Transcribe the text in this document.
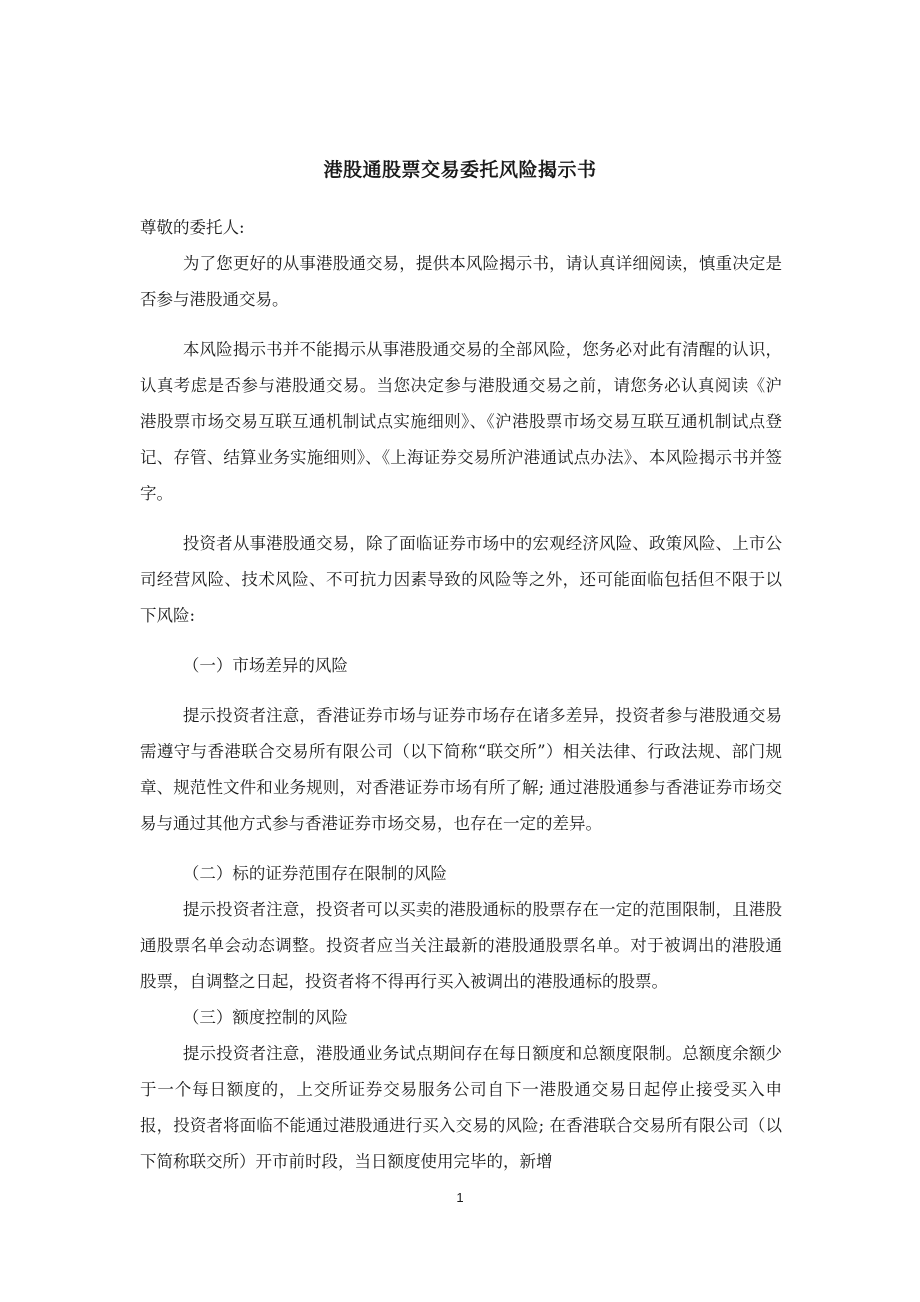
港股通股票交易委托风险揭示书

尊敬的委托人:

为了您更好的从事港股通交易，提供本风险揭示书，请认真详细阅读，慎重决定是否参与港股通交易。

本风险揭示书并不能揭示从事港股通交易的全部风险，您务必对此有清醒的认识，认真考虑是否参与港股通交易。当您决定参与港股通交易之前，请您务必认真阅读《沪港股票市场交易互联互通机制试点实施细则》、《沪港股票市场交易互联互通机制试点登记、存管、结算业务实施细则》、《上海证券交易所沪港通试点办法》、本风险揭示书并签字。

投资者从事港股通交易，除了面临证券市场中的宏观经济风险、政策风险、上市公司经营风险、技术风险、不可抗力因素导致的风险等之外，还可能面临包括但不限于以下风险:

（一）市场差异的风险

提示投资者注意，香港证券市场与证券市场存在诸多差异，投资者参与港股通交易需遵守与香港联合交易所有限公司（以下简称“联交所”）相关法律、行政法规、部门规章、规范性文件和业务规则，对香港证券市场有所了解; 通过港股通参与香港证券市场交易与通过其他方式参与香港证券市场交易，也存在一定的差异。

（二）标的证券范围存在限制的风险

提示投资者注意，投资者可以买卖的港股通标的股票存在一定的范围限制，且港股通股票名单会动态调整。投资者应当关注最新的港股通股票名单。对于被调出的港股通股票，自调整之日起，投资者将不得再行买入被调出的港股通标的股票。

（三）额度控制的风险

提示投资者注意，港股通业务试点期间存在每日额度和总额度限制。总额度余额少于一个每日额度的，上交所证券交易服务公司自下一港股通交易日起停止接受买入申报，投资者将面临不能通过港股通进行买入交易的风险; 在香港联合交易所有限公司（以下简称联交所）开市前时段，当日额度使用完毕的，新增

1
